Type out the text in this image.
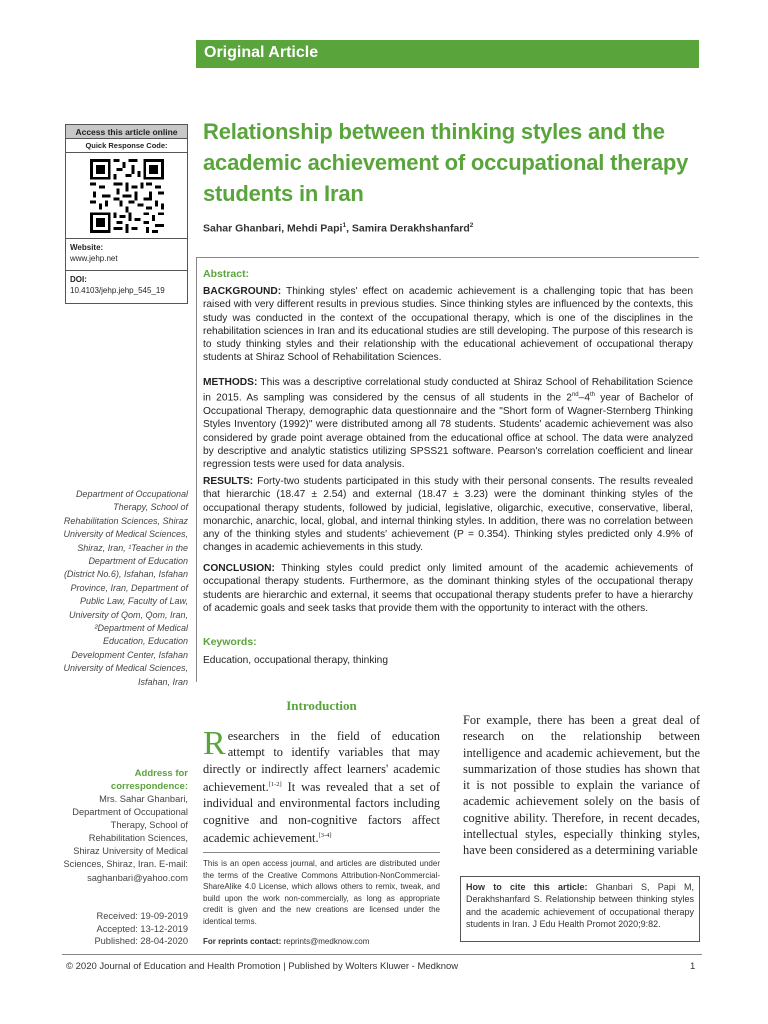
Original Article
Access this article online
Quick Response Code:
Website:
www.jehp.net
DOI:
10.4103/jehp.jehp_545_19
Relationship between thinking styles and the academic achievement of occupational therapy students in Iran
Sahar Ghanbari, Mehdi Papi$^1$, Samira Derakhshanfard$^2$
Abstract:

BACKGROUND: Thinking styles' effect on academic achievement is a challenging topic that has been raised with very different results in previous studies. Since thinking styles are influenced by the contexts, this study was conducted in the context of the occupational therapy, which is one of the disciplines in the rehabilitation sciences in Iran and its educational studies are still developing. The purpose of this research is to study thinking styles and their relationship with the educational achievement of occupational therapy students at Shiraz School of Rehabilitation Sciences.

METHODS: This was a descriptive correlational study conducted at Shiraz School of Rehabilitation Science in 2015. As sampling was considered by the census of all students in the 2nd–4th year of Bachelor of Occupational Therapy, demographic data questionnaire and the "Short form of Wagner-Sternberg Thinking Styles Inventory (1992)" were distributed among all 78 students. Students' academic achievement was also considered by grade point average obtained from the educational office at school. The data were analyzed by descriptive and analytic statistics utilizing SPSS21 software. Pearson's correlation coefficient and linear regression tests were used for data analysis.

RESULTS: Forty-two students participated in this study with their personal consents. The results revealed that hierarchic (18.47 ± 2.54) and external (18.47 ± 3.23) were the dominant thinking styles of the occupational therapy students, followed by judicial, legislative, oligarchic, executive, conservative, liberal, monarchic, anarchic, local, global, and internal thinking styles. In addition, there was no correlation between any of the thinking styles and students' achievement (P = 0.354). Thinking styles predicted only 4.9% of changes in academic achievements in this study.

CONCLUSION: Thinking styles could predict only limited amount of the academic achievements of occupational therapy students. Furthermore, as the dominant thinking styles of the occupational therapy students are hierarchic and external, it seems that occupational therapy students prefer to have a hierarchy of academic goals and seek tasks that provide them with the opportunity to interact with the others.

Keywords:
Education, occupational therapy, thinking
Department of Occupational Therapy, School of Rehabilitation Sciences, Shiraz University of Medical Sciences, Shiraz, Iran, ¹Teacher in the Department of Education (District No.6), Isfahan, Isfahan Province, Iran, Department of Public Law, Faculty of Law, University of Qom, Qom, Iran, ²Department of Medical Education, Education Development Center, Isfahan University of Medical Sciences, Isfahan, Iran
Address for correspondence:
Mrs. Sahar Ghanbari, Department of Occupational Therapy, School of Rehabilitation Sciences, Shiraz University of Medical Sciences, Shiraz, Iran. E-mail: saghanbari@yahoo.com
Received: 19-09-2019
Accepted: 13-12-2019
Published: 28-04-2020
Introduction
Researchers in the field of education attempt to identify variables that may directly or indirectly affect learners' academic achievement.[1-2] It was revealed that a set of individual and environmental factors including cognitive and non-cognitive factors affect academic achievement.[3-4]
For example, there has been a great deal of research on the relationship between intelligence and academic achievement, but the summarization of those studies has shown that it is not possible to explain the variance of academic achievement solely on the basis of cognitive ability. Therefore, in recent decades, intellectual styles, especially thinking styles, have been considered as a determining variable
This is an open access journal, and articles are distributed under the terms of the Creative Commons Attribution-NonCommercial-ShareAlike 4.0 License, which allows others to remix, tweak, and build upon the work non-commercially, as long as appropriate credit is given and the new creations are licensed under the identical terms.
For reprints contact: reprints@medknow.com
How to cite this article: Ghanbari S, Papi M, Derakhshanfard S. Relationship between thinking styles and the academic achievement of occupational therapy students in Iran. J Edu Health Promot 2020;9:82.
© 2020 Journal of Education and Health Promotion | Published by Wolters Kluwer - Medknow	1
